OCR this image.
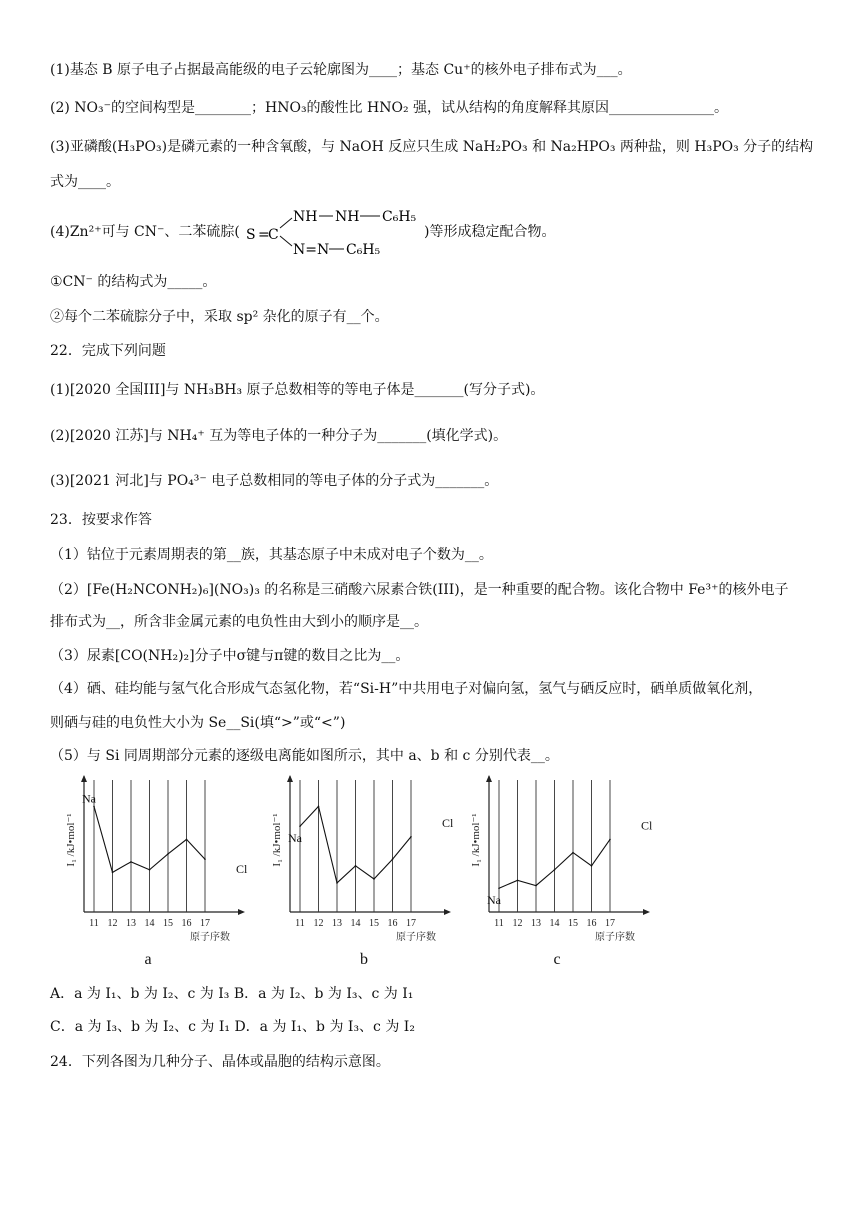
(1)基态 B 原子电子占据最高能级的电子云轮廓图为____；基态 Cu⁺的核外电子排布式为___。
(2) NO₃⁻的空间构型是________；HNO₃的酸性比 HNO₂ 强，试从结构的角度解释其原因_______________。
(3)亚磷酸(H₃PO₃)是磷元素的一种含氧酸，与 NaOH 反应只生成 NaH₂PO₃ 和 Na₂HPO₃ 两种盐，则 H₃PO₃ 分子的结构
式为____。
(4)Zn²⁺可与 CN⁻、二苯硫腙( S =
C
NH NH C₆H₅
N=N C₆H₅
)等形成稳定配合物。
①CN⁻ 的结构式为_____。
②每个二苯硫腙分子中，采取 sp² 杂化的原子有__个。
22．完成下列问题
(1)[2020 全国III]与 NH₃BH₃ 原子总数相等的等电子体是_______(写分子式)。
(2)[2020 江苏]与 NH₄⁺ 互为等电子体的一种分子为_______(填化学式)。
(3)[2021 河北]与 PO₄³⁻ 电子总数相同的等电子体的分子式为_______。
23．按要求作答
（1）钴位于元素周期表的第__族，其基态原子中未成对电子个数为__。
（2）[Fe(H₂NCONH₂)₆](NO₃)₃ 的名称是三硝酸六尿素合铁(III)，是一种重要的配合物。该化合物中 Fe³⁺的核外电子
排布式为__，所含非金属元素的电负性由大到小的顺序是__。
（3）尿素[CO(NH₂)₂]分子中σ键与π键的数目之比为__。
（4）硒、硅均能与氢气化合形成气态氢化物，若“Si-H”中共用电子对偏向氢，氢气与硒反应时，硒单质做氧化剂，
则硒与硅的电负性大小为 Se__Si(填“>”或“<”)
（5）与 Si 同周期部分元素的逐级电离能如图所示，其中 a、b 和 c 分别代表__。
11 12 13 14 15 16 17
原子序数
I₁ /kJ•mol⁻¹
Na
Cl
a
11 12 13 14 15 16 17
原子序数
I₁ /kJ•mol⁻¹ Na
Cl
b
11 12 13 14 15 16 17
原子序数
I₁ /kJ•mol⁻¹
Na
Cl
c
A．a 为 I₁、b 为 I₂、c 为 I₃ B．a 为 I₂、b 为 I₃、c 为 I₁
C．a 为 I₃、b 为 I₂、c 为 I₁ D．a 为 I₁、b 为 I₃、c 为 I₂
24．下列各图为几种分子、晶体或晶胞的结构示意图。
